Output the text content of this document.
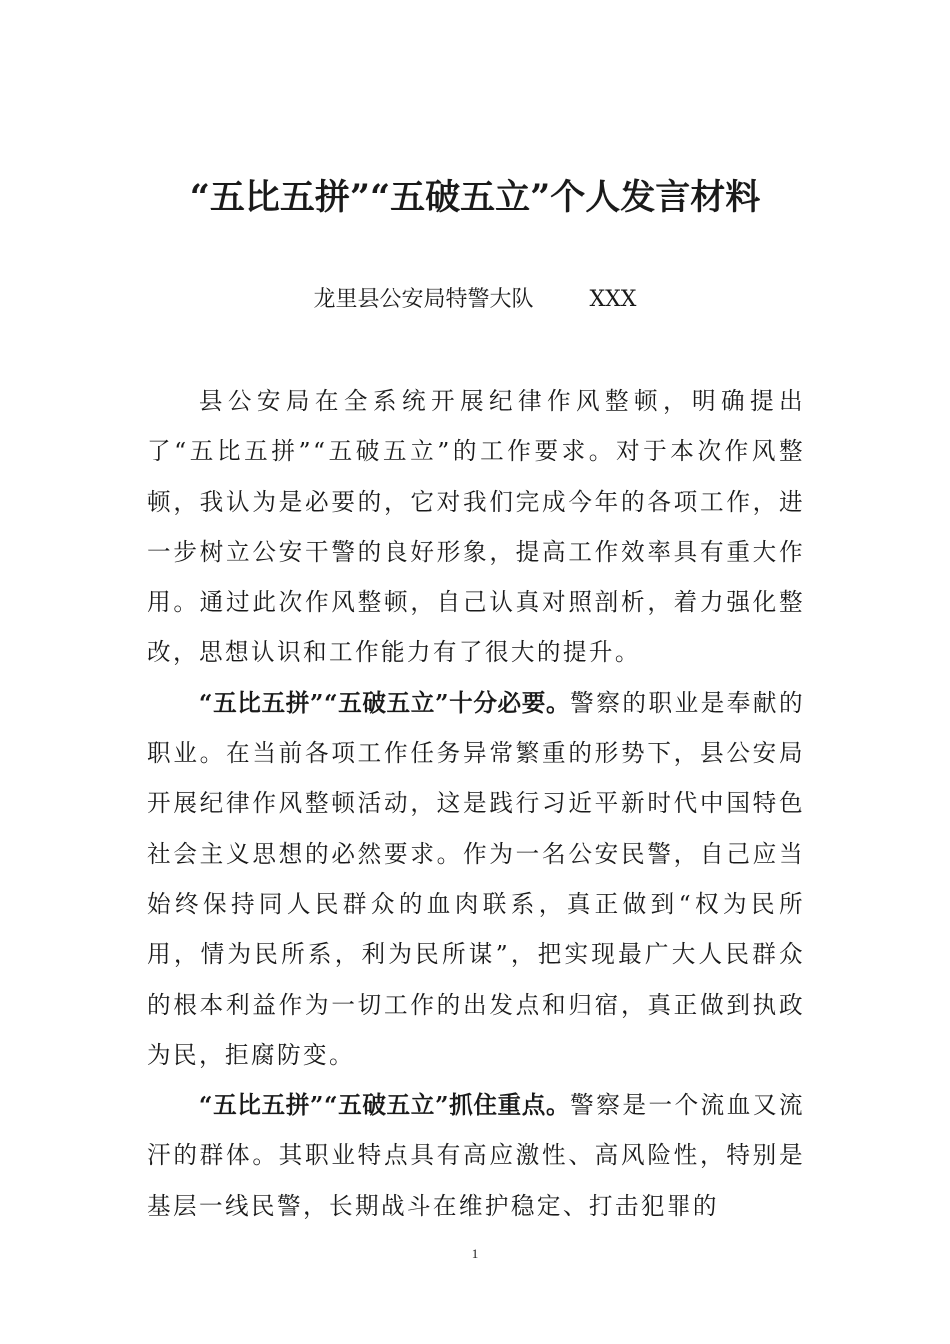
“五比五拼”“五破五立”个人发言材料
龙里县公安局特警大队        XXX

县公安局在全系统开展纪律作风整顿，明确提出了“五比五拼”“五破五立”的工作要求。对于本次作风整顿，我认为是必要的，它对我们完成今年的各项工作，进一步树立公安干警的良好形象，提高工作效率具有重大作用。通过此次作风整顿，自己认真对照剖析，着力强化整改，思想认识和工作能力有了很大的提升。

“五比五拼”“五破五立”十分必要。警察的职业是奉献的职业。在当前各项工作任务异常繁重的形势下，县公安局开展纪律作风整顿活动，这是践行习近平新时代中国特色社会主义思想的必然要求。作为一名公安民警，自己应当始终保持同人民群众的血肉联系，真正做到“权为民所用，情为民所系，利为民所谋”，把实现最广大人民群众的根本利益作为一切工作的出发点和归宿，真正做到执政为民，拒腐防变。

“五比五拼”“五破五立”抓住重点。警察是一个流血又流汗的群体。其职业特点具有高应激性、高风险性，特别是基层一线民警，长期战斗在维护稳定、打击犯罪的

1
